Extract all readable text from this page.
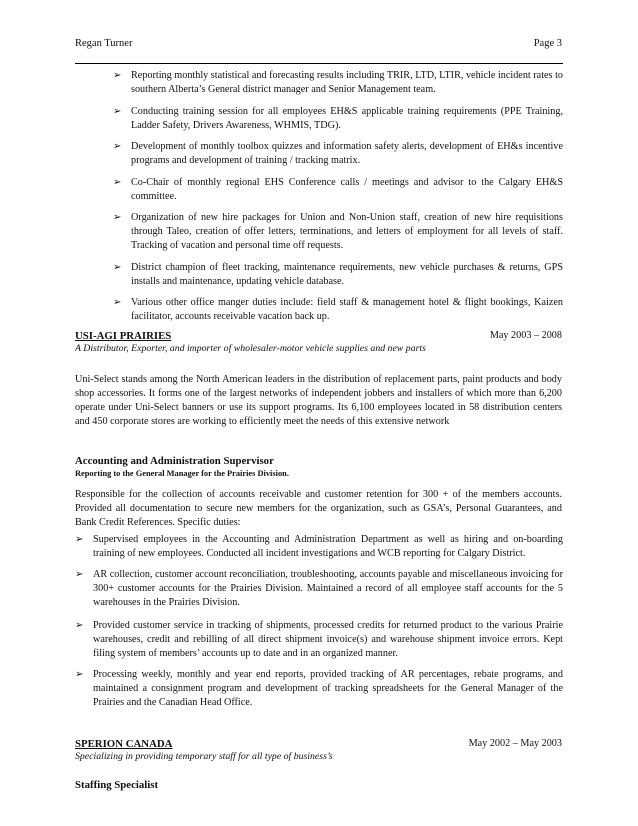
Regan Turner	Page 3
➢ Reporting monthly statistical and forecasting results including TRIR, LTD, LTIR, vehicle incident rates to southern Alberta’s General district manager and Senior Management team.
➢ Conducting training session for all employees EH&S applicable training requirements (PPE Training, Ladder Safety, Drivers Awareness, WHMIS, TDG).
➢ Development of monthly toolbox quizzes and information safety alerts, development of EH&s incentive programs and development of training / tracking matrix.
➢ Co-Chair of monthly regional EHS Conference calls / meetings and advisor to the Calgary EH&S committee.
➢ Organization of new hire packages for Union and Non-Union staff, creation of new hire requisitions through Taleo, creation of offer letters, terminations, and letters of employment for all levels of staff. Tracking of vacation and personal time off requests.
➢ District champion of fleet tracking, maintenance requirements, new vehicle purchases & returns, GPS installs and maintenance, updating vehicle database.
➢ Various other office manger duties include: field staff & management hotel & flight bookings, Kaizen facilitator, accounts receivable vacation back up.
USI-AGI PRAIRIES	May 2003 – 2008
A Distributor, Exporter, and importer of wholesaler-motor vehicle supplies and new parts
Uni-Select stands among the North American leaders in the distribution of replacement parts, paint products and body shop accessories. It forms one of the largest networks of independent jobbers and installers of which more than 6,200 operate under Uni-Select banners or use its support programs. Its 6,100 employees located in 58 distribution centers and 450 corporate stores are working to efficiently meet the needs of this extensive network
Accounting and Administration Supervisor
Reporting to the General Manager for the Prairies Division.
Responsible for the collection of accounts receivable and customer retention for 300 + of the members accounts. Provided all documentation to secure new members for the organization, such as GSA’s, Personal Guarantees, and Bank Credit References. Specific duties:
➢ Supervised employees in the Accounting and Administration Department as well as hiring and on-boarding training of new employees. Conducted all incident investigations and WCB reporting for Calgary District.
➢ AR collection, customer account reconciliation, troubleshooting, accounts payable and miscellaneous invoicing for 300+ customer accounts for the Prairies Division. Maintained a record of all employee staff accounts for the 5 warehouses in the Prairies Division.
➢ Provided customer service in tracking of shipments, processed credits for returned product to the various Prairie warehouses, credit and rebilling of all direct shipment invoice(s) and warehouse shipment invoice errors. Kept filing system of members’ accounts up to date and in an organized manner.
➢ Processing weekly, monthly and year end reports, provided tracking of AR percentages, rebate programs, and maintained a consignment program and development of tracking spreadsheets for the General Manager of the Prairies and the Canadian Head Office.
SPERION CANADA	May 2002 – May 2003
Specializing in providing temporary staff for all type of business’s
Staffing Specialist
